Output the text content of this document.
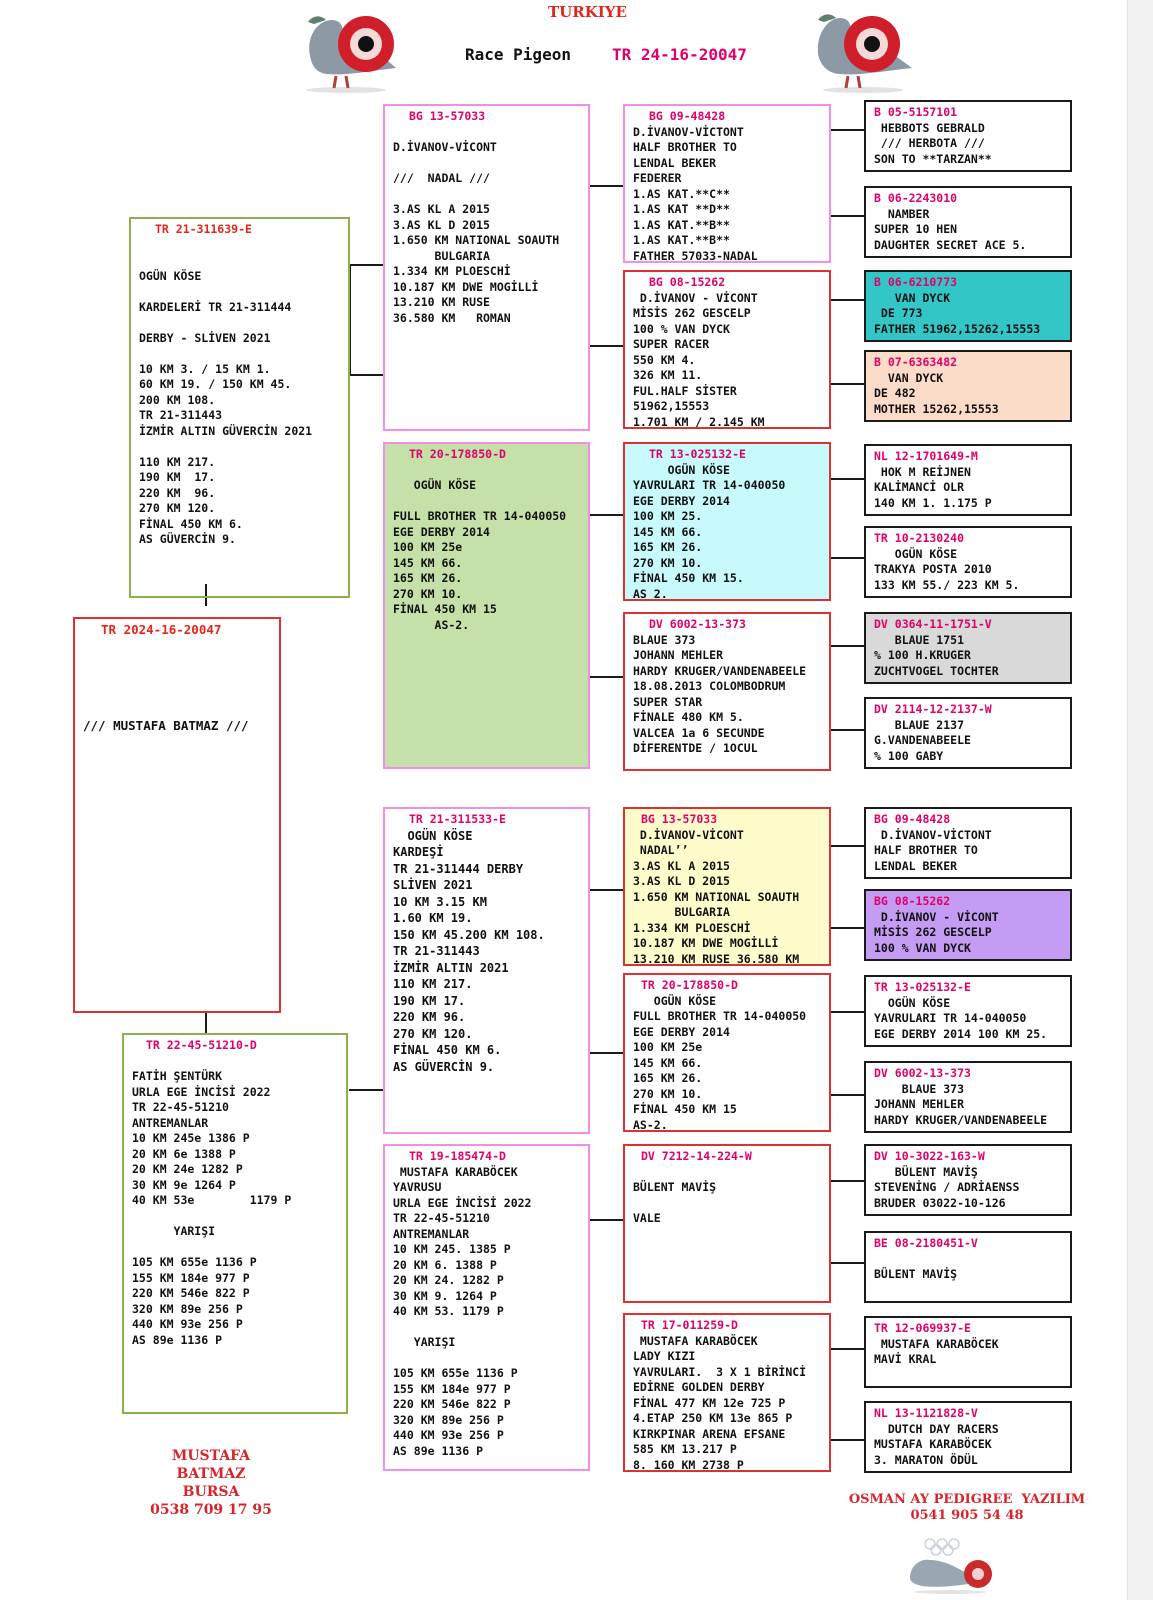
TURKIYE
Race Pigeon	TR 24-16-20047
TR 2024-16-20047
/// MUSTAFA BATMAZ ///
TR 21-311639-E

OGÜN KÖSE

KARDELERİ TR 21-311444

DERBY - SLİVEN 2021

10 KM 3. / 15 KM 1.
60 KM 19. / 150 KM 45.
200 KM 108.
TR 21-311443
İZMİR ALTIN GÜVERCİN 2021

110 KM 217.
190 KM  17.
220 KM  96.
270 KM 120.
FİNAL 450 KM 6.
AS GÜVERCİN 9.
TR 22-45-51210-D

FATİH ŞENTÜRK
URLA EGE İNCİSİ 2022
TR 22-45-51210
ANTREMANLAR
10 KM 245e 1386 P
20 KM 6e 1388 P
20 KM 24e 1282 P
30 KM 9e 1264 P
40 KM 53e        1179 P

YARIŞI

105 KM 655e 1136 P
155 KM 184e 977 P
220 KM 546e 822 P
320 KM 89e 256 P
440 KM 93e 256 P
AS 89e 1136 P
BG 13-57033

D.İVANOV-VİCONT

///  NADAL ///

3.AS KL A 2015
3.AS KL D 2015
1.650 KM NATIONAL SOAUTH
BULGARIA
1.334 KM PLOESCHİ
10.187 KM DWE MOGİLLİ
13.210 KM RUSE
36.580 KM   ROMAN
TR 20-178850-D

OGÜN KÖSE

FULL BROTHER TR 14-040050
EGE DERBY 2014
100 KM 25e
145 KM 66.
165 KM 26.
270 KM 10.
FİNAL 450 KM 15
AS-2.
TR 21-311533-E
OGÜN KÖSE
KARDEŞİ
TR 21-311444 DERBY
SLİVEN 2021
10 KM 3.15 KM
1.60 KM 19.
150 KM 45.200 KM 108.
TR 21-311443
İZMİR ALTIN 2021
110 KM 217.
190 KM 17.
220 KM 96.
270 KM 120.
FİNAL 450 KM 6.
AS GÜVERCİN 9.
TR 19-185474-D
MUSTAFA KARABÖCEK
YAVRUSU
URLA EGE İNCİSİ 2022
TR 22-45-51210
ANTREMANLAR
10 KM 245. 1385 P
20 KM 6. 1388 P
20 KM 24. 1282 P
30 KM 9. 1264 P
40 KM 53. 1179 P

YARIŞI

105 KM 655e 1136 P
155 KM 184e 977 P
220 KM 546e 822 P
320 KM 89e 256 P
440 KM 93e 256 P
AS 89e 1136 P
BG 09-48428
D.İVANOV-VİCTONT
HALF BROTHER TO
LENDAL BEKER
FEDERER
1.AS KAT.**C**
1.AS KAT **D**
1.AS KAT.**B**
1.AS KAT.**B**
FATHER 57033-NADAL
BG 08-15262
D.İVANOV - VİCONT
MİSİS 262 GESCELP
100 % VAN DYCK
SUPER RACER
550 KM 4.
326 KM 11.
FUL.HALF SİSTER
51962,15553
1.701 KM / 2.145 KM
TR 13-025132-E
OGÜN KÖSE
YAVRULARI TR 14-040050
EGE DERBY 2014
100 KM 25.
145 KM 66.
165 KM 26.
270 KM 10.
FİNAL 450 KM 15.
AS 2.
DV 6002-13-373
BLAUE 373
JOHANN MEHLER
HARDY KRUGER/VANDENABEELE
18.08.2013 COLOMBODRUM
SUPER STAR
FİNALE 480 KM 5.
VALCEA 1a 6 SECUNDE
DİFERENTDE / 1OCUL
BG 13-57033
D.İVANOV-VİCONT
NADAL’’
3.AS KL A 2015
3.AS KL D 2015
1.650 KM NATIONAL SOAUTH
BULGARIA
1.334 KM PLOESCHİ
10.187 KM DWE MOGİLLİ
13.210 KM RUSE 36.580 KM
TR 20-178850-D
OGÜN KÖSE
FULL BROTHER TR 14-040050
EGE DERBY 2014
100 KM 25e
145 KM 66.
165 KM 26.
270 KM 10.
FİNAL 450 KM 15
AS-2.
DV 7212-14-224-W

BÜLENT MAVİŞ

VALE
TR 17-011259-D
MUSTAFA KARABÖCEK
LADY KIZI
YAVRULARI.  3 X 1 BİRİNCİ
EDİRNE GOLDEN DERBY
FİNAL 477 KM 12e 725 P
4.ETAP 250 KM 13e 865 P
KIRKPINAR ARENA EFSANE
585 KM 13.217 P
8. 160 KM 2738 P
B 05-5157101
HEBBOTS GEBRALD
/// HERBOTA ///
SON TO **TARZAN**
B 06-2243010
NAMBER
SUPER 10 HEN
DAUGHTER SECRET ACE 5.
B 06-6210773
VAN DYCK
DE 773
FATHER 51962,15262,15553
B 07-6363482
VAN DYCK
DE 482
MOTHER 15262,15553
NL 12-1701649-M
HOK M REİJNEN
KALİMANCİ OLR
140 KM 1. 1.175 P
TR 10-2130240
OGÜN KÖSE
TRAKYA POSTA 2010
133 KM 55./ 223 KM 5.
DV 0364-11-1751-V
BLAUE 1751
% 100 H.KRUGER
ZUCHTVOGEL TOCHTER
DV 2114-12-2137-W
BLAUE 2137
G.VANDENABEELE
% 100 GABY
BG 09-48428
D.İVANOV-VİCTONT
HALF BROTHER TO
LENDAL BEKER
BG 08-15262
D.İVANOV - VİCONT
MİSİS 262 GESCELP
100 % VAN DYCK
TR 13-025132-E
OGÜN KÖSE
YAVRULARI TR 14-040050
EGE DERBY 2014 100 KM 25.
DV 6002-13-373
BLAUE 373
JOHANN MEHLER
HARDY KRUGER/VANDENABEELE
DV 10-3022-163-W
BÜLENT MAVİŞ
STEVENİNG / ADRİAENSS
BRUDER 03022-10-126
BE 08-2180451-V

BÜLENT MAVİŞ
TR 12-069937-E
MUSTAFA KARABÖCEK
MAVİ KRAL
NL 13-1121828-V
DUTCH DAY RACERS
MUSTAFA KARABÖCEK
3. MARATON ÖDÜL
MUSTAFA BATMAZ
BURSA
0538 709 17 95
OSMAN AY PEDIGREE  YAZILIM
0541 905 54 48
